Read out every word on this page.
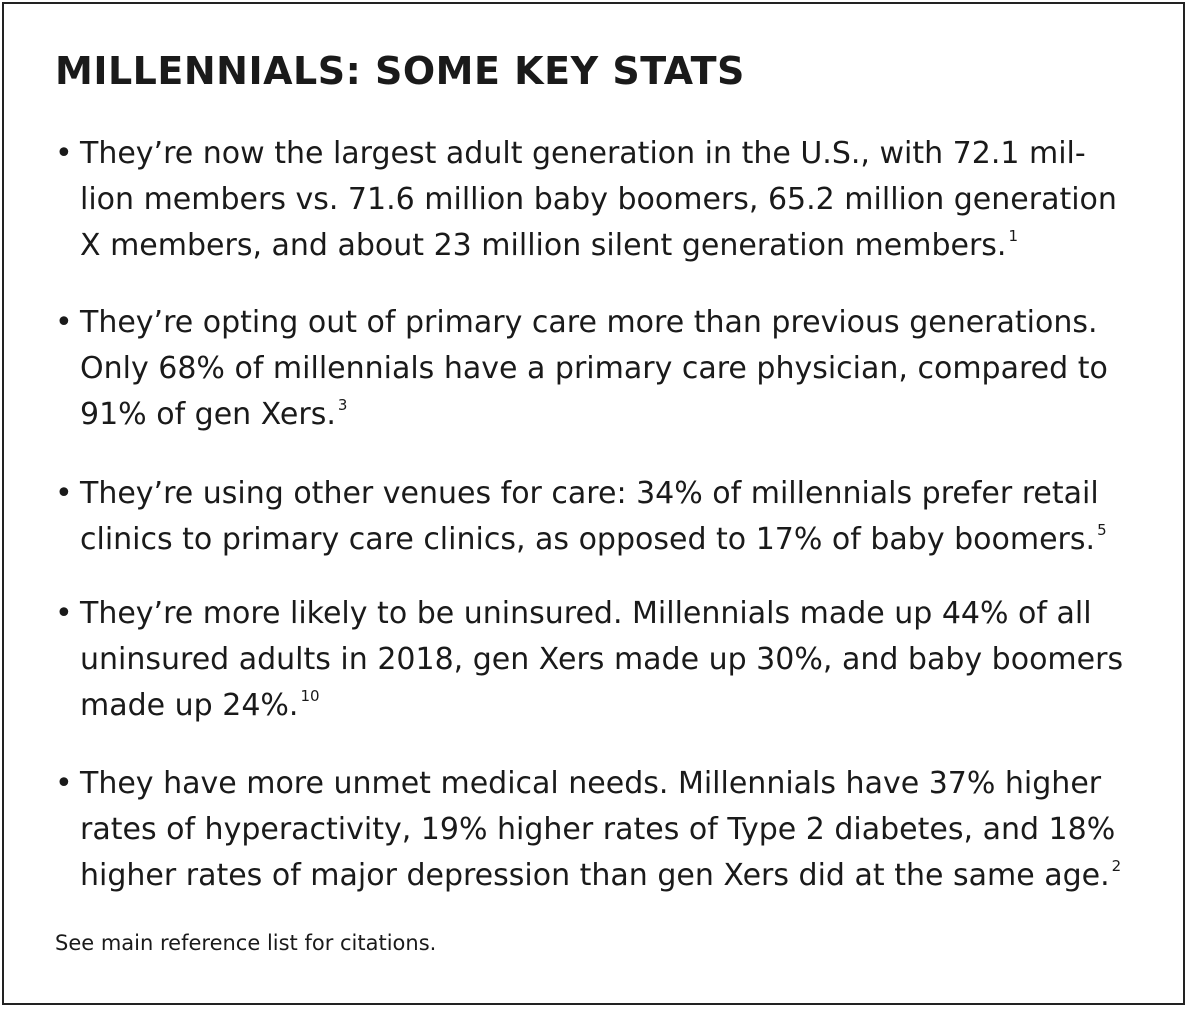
MILLENNIALS: SOME KEY STATS
• They’re now the largest adult generation in the U.S., with 72.1 mil-
lion members vs. 71.6 million baby boomers, 65.2 million generation
X members, and about 23 million silent generation members. $^1$
• They’re opting out of primary care more than previous generations.
Only 68% of millennials have a primary care physician, compared to
91% of gen Xers. $^3$
• They’re using other venues for care: 34% of millennials prefer retail
clinics to primary care clinics, as opposed to 17% of baby boomers. $^5$
• They’re more likely to be uninsured. Millennials made up 44% of all
uninsured adults in 2018, gen Xers made up 30%, and baby boomers
made up 24%. $^{10}$
• They have more unmet medical needs. Millennials have 37% higher
rates of hyperactivity, 19% higher rates of Type 2 diabetes, and 18%
higher rates of major depression than gen Xers did at the same age. $^2$
See main reference list for citations.
